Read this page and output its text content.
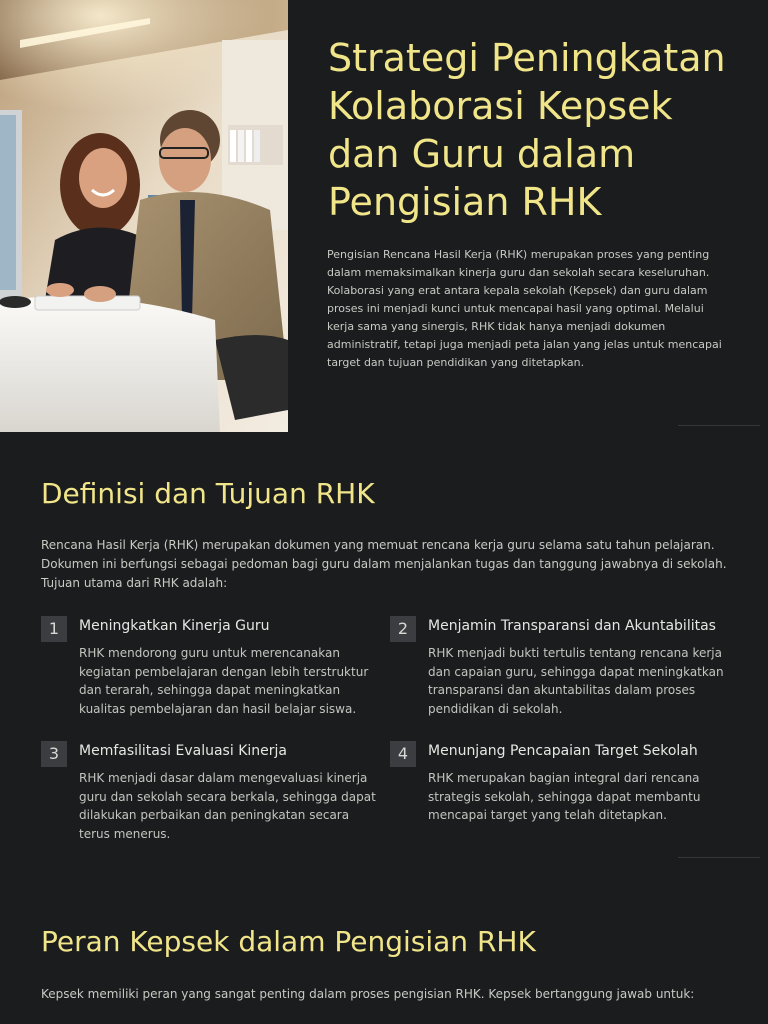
Strategi Peningkatan Kolaborasi Kepsek dan Guru dalam Pengisian RHK

Pengisian Rencana Hasil Kerja (RHK) merupakan proses yang penting dalam memaksimalkan kinerja guru dan sekolah secara keseluruhan. Kolaborasi yang erat antara kepala sekolah (Kepsek) dan guru dalam proses ini menjadi kunci untuk mencapai hasil yang optimal. Melalui kerja sama yang sinergis, RHK tidak hanya menjadi dokumen administratif, tetapi juga menjadi peta jalan yang jelas untuk mencapai target dan tujuan pendidikan yang ditetapkan.

Definisi dan Tujuan RHK

Rencana Hasil Kerja (RHK) merupakan dokumen yang memuat rencana kerja guru selama satu tahun pelajaran. Dokumen ini berfungsi sebagai pedoman bagi guru dalam menjalankan tugas dan tanggung jawabnya di sekolah. Tujuan utama dari RHK adalah:

1	Meningkatkan Kinerja Guru

RHK mendorong guru untuk merencanakan kegiatan pembelajaran dengan lebih terstruktur dan terarah, sehingga dapat meningkatkan kualitas pembelajaran dan hasil belajar siswa.

2	Menjamin Transparansi dan Akuntabilitas

RHK menjadi bukti tertulis tentang rencana kerja dan capaian guru, sehingga dapat meningkatkan transparansi dan akuntabilitas dalam proses pendidikan di sekolah.

3	Memfasilitasi Evaluasi Kinerja

RHK menjadi dasar dalam mengevaluasi kinerja guru dan sekolah secara berkala, sehingga dapat dilakukan perbaikan dan peningkatan secara terus menerus.

4	Menunjang Pencapaian Target Sekolah

RHK merupakan bagian integral dari rencana strategis sekolah, sehingga dapat membantu mencapai target yang telah ditetapkan.

Peran Kepsek dalam Pengisian RHK

Kepsek memiliki peran yang sangat penting dalam proses pengisian RHK. Kepsek bertanggung jawab untuk:
